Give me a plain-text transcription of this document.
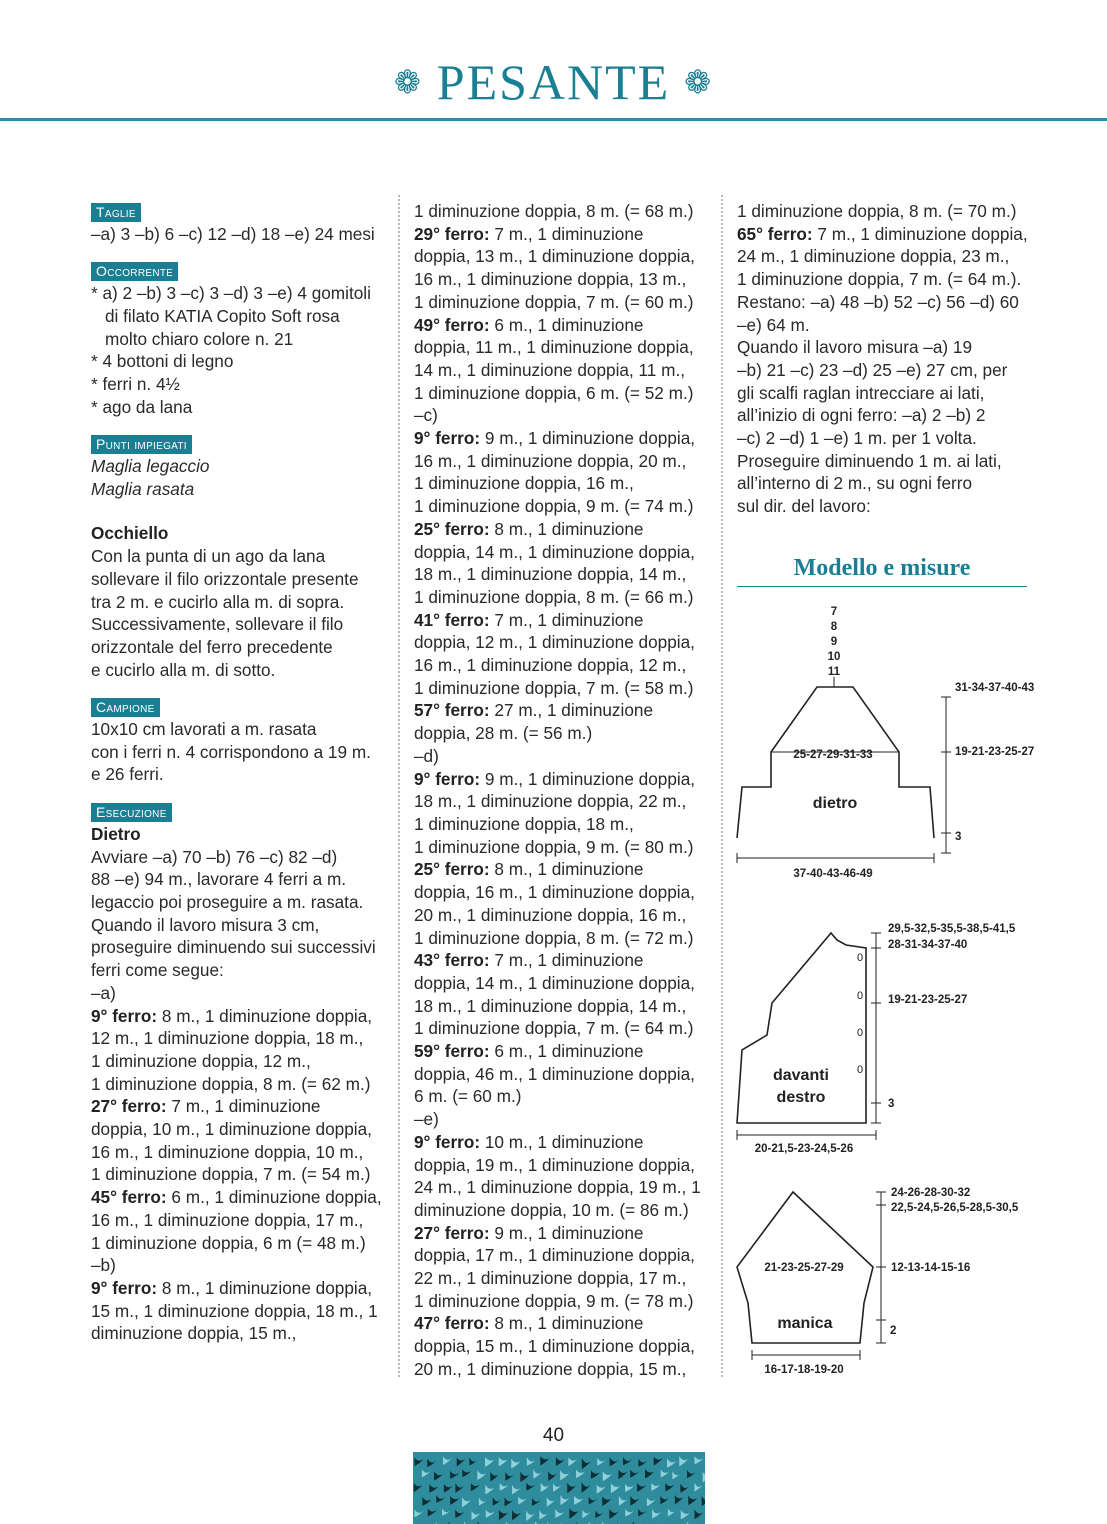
❁ PESANTE ❁
Taglie
–a) 3 –b) 6 –c) 12 –d) 18 –e) 24 mesi
Occorrente
* a) 2 –b) 3 –c) 3 –d) 3 –e) 4 gomitoli
di filato KATIA Copito Soft rosa
molto chiaro colore n. 21
* 4 bottoni di legno
* ferri n. 4½
* ago da lana
Punti impiegati
Maglia legaccio
Maglia rasata
Occhiello
Con la punta di un ago da lana
sollevare il filo orizzontale presente
tra 2 m. e cucirlo alla m. di sopra.
Successivamente, sollevare il filo
orizzontale del ferro precedente
e cucirlo alla m. di sotto.
Campione
10x10 cm lavorati a m. rasata
con i ferri n. 4 corrispondono a 19 m.
e 26 ferri.
Esecuzione
Dietro
Avviare –a) 70 –b) 76 –c) 82 –d)
88 –e) 94 m., lavorare 4 ferri a m.
legaccio poi proseguire a m. rasata.
Quando il lavoro misura 3 cm,
proseguire diminuendo sui successivi
ferri come segue:
–a)
9° ferro: 8 m., 1 diminuzione doppia,
12 m., 1 diminuzione doppia, 18 m.,
1 diminuzione doppia, 12 m.,
1 diminuzione doppia, 8 m. (= 62 m.)
27° ferro: 7 m., 1 diminuzione
doppia, 10 m., 1 diminuzione doppia,
16 m., 1 diminuzione doppia, 10 m.,
1 diminuzione doppia, 7 m. (= 54 m.)
45° ferro: 6 m., 1 diminuzione doppia,
16 m., 1 diminuzione doppia, 17 m.,
1 diminuzione doppia, 6 m (= 48 m.)
–b)
9° ferro: 8 m., 1 diminuzione doppia,
15 m., 1 diminuzione doppia, 18 m., 1
diminuzione doppia, 15 m.,
1 diminuzione doppia, 8 m. (= 68 m.)
29° ferro: 7 m., 1 diminuzione
doppia, 13 m., 1 diminuzione doppia,
16 m., 1 diminuzione doppia, 13 m.,
1 diminuzione doppia, 7 m. (= 60 m.)
49° ferro: 6 m., 1 diminuzione
doppia, 11 m., 1 diminuzione doppia,
14 m., 1 diminuzione doppia, 11 m.,
1 diminuzione doppia, 6 m. (= 52 m.)
–c)
9° ferro: 9 m., 1 diminuzione doppia,
16 m., 1 diminuzione doppia, 20 m.,
1 diminuzione doppia, 16 m.,
1 diminuzione doppia, 9 m. (= 74 m.)
25° ferro: 8 m., 1 diminuzione
doppia, 14 m., 1 diminuzione doppia,
18 m., 1 diminuzione doppia, 14 m.,
1 diminuzione doppia, 8 m. (= 66 m.)
41° ferro: 7 m., 1 diminuzione
doppia, 12 m., 1 diminuzione doppia,
16 m., 1 diminuzione doppia, 12 m.,
1 diminuzione doppia, 7 m. (= 58 m.)
57° ferro: 27 m., 1 diminuzione
doppia, 28 m. (= 56 m.)
–d)
9° ferro: 9 m., 1 diminuzione doppia,
18 m., 1 diminuzione doppia, 22 m.,
1 diminuzione doppia, 18 m.,
1 diminuzione doppia, 9 m. (= 80 m.)
25° ferro: 8 m., 1 diminuzione
doppia, 16 m., 1 diminuzione doppia,
20 m., 1 diminuzione doppia, 16 m.,
1 diminuzione doppia, 8 m. (= 72 m.)
43° ferro: 7 m., 1 diminuzione
doppia, 14 m., 1 diminuzione doppia,
18 m., 1 diminuzione doppia, 14 m.,
1 diminuzione doppia, 7 m. (= 64 m.)
59° ferro: 6 m., 1 diminuzione
doppia, 46 m., 1 diminuzione doppia,
6 m. (= 60 m.)
–e)
9° ferro: 10 m., 1 diminuzione
doppia, 19 m., 1 diminuzione doppia,
24 m., 1 diminuzione doppia, 19 m., 1
diminuzione doppia, 10 m. (= 86 m.)
27° ferro: 9 m., 1 diminuzione
doppia, 17 m., 1 diminuzione doppia,
22 m., 1 diminuzione doppia, 17 m.,
1 diminuzione doppia, 9 m. (= 78 m.)
47° ferro: 8 m., 1 diminuzione
doppia, 15 m., 1 diminuzione doppia,
20 m., 1 diminuzione doppia, 15 m.,
1 diminuzione doppia, 8 m. (= 70 m.)
65° ferro: 7 m., 1 diminuzione doppia,
24 m., 1 diminuzione doppia, 23 m.,
1 diminuzione doppia, 7 m. (= 64 m.).
Restano: –a) 48 –b) 52 –c) 56 –d) 60
–e) 64 m.
Quando il lavoro misura –a) 19
–b) 21 –c) 23 –d) 25 –e) 27 cm, per
gli scalfi raglan intrecciare ai lati,
all’inizio di ogni ferro: –a) 2 –b) 2
–c) 2 –d) 1 –e) 1 m. per 1 volta.
Proseguire diminuendo 1 m. ai lati,
all’interno di 2 m., su ogni ferro
sul dir. del lavoro:
Modello e misure
7
8
9
10
11
31-34-37-40-43
19-21-23-25-27
25-27-29-31-33
3
37-40-43-46-49
dietro
29,5-32,5-35,5-38,5-41,5
28-31-34-37-40
19-21-23-25-27
3
20-21,5-23-24,5-26
davanti
destro
0
0
0
0
24-26-28-30-32
22,5-24,5-26,5-28,5-30,5
12-13-14-15-16
21-23-25-27-29
2
16-17-18-19-20
manica
40
